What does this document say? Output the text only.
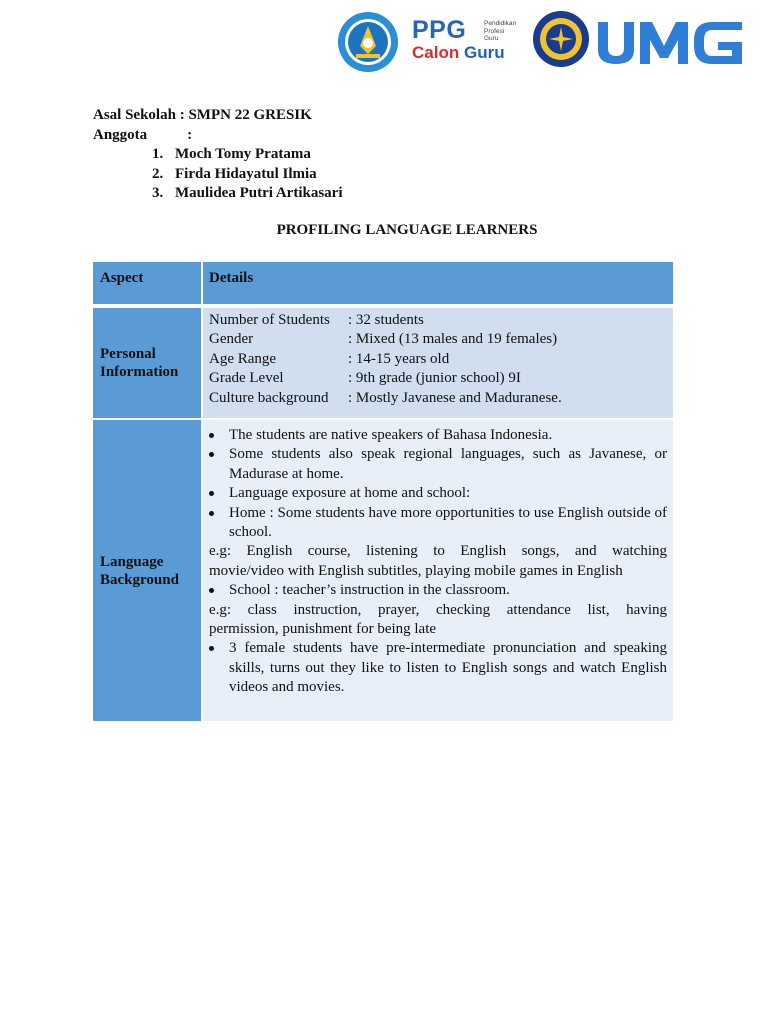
PPG	Pendidikan
Profesi
Guru
Calon Guru
Asal Sekolah : SMPN 22 GRESIK
Anggota	:
1. Moch Tomy Pratama
2. Firda Hidayatul Ilmia
3. Maulidea Putri Artikasari
PROFILING LANGUAGE LEARNERS
Aspect	Details
Personal
Information
Number of Students	: 32 students
Gender	: Mixed (13 males and 19 females)
Age Range	: 14-15 years old
Grade Level	: 9th grade (junior school) 9I
Culture background	: Mostly Javanese and Maduranese.
Language
Background
The students are native speakers of Bahasa Indonesia.
Some students also speak regional languages, such as Javanese, or Madurase at home.
Language exposure at home and school:
Home : Some students have more opportunities to use English outside of school.
e.g: English course, listening to English songs, and watching
movie/video with English subtitles, playing mobile games in English
School : teacher’s instruction in the classroom.
e.g: class instruction, prayer, checking attendance list, having
permission, punishment for being late
3 female students have pre-intermediate pronunciation and speaking skills, turns out they like to listen to English songs and watch English videos and movies.
